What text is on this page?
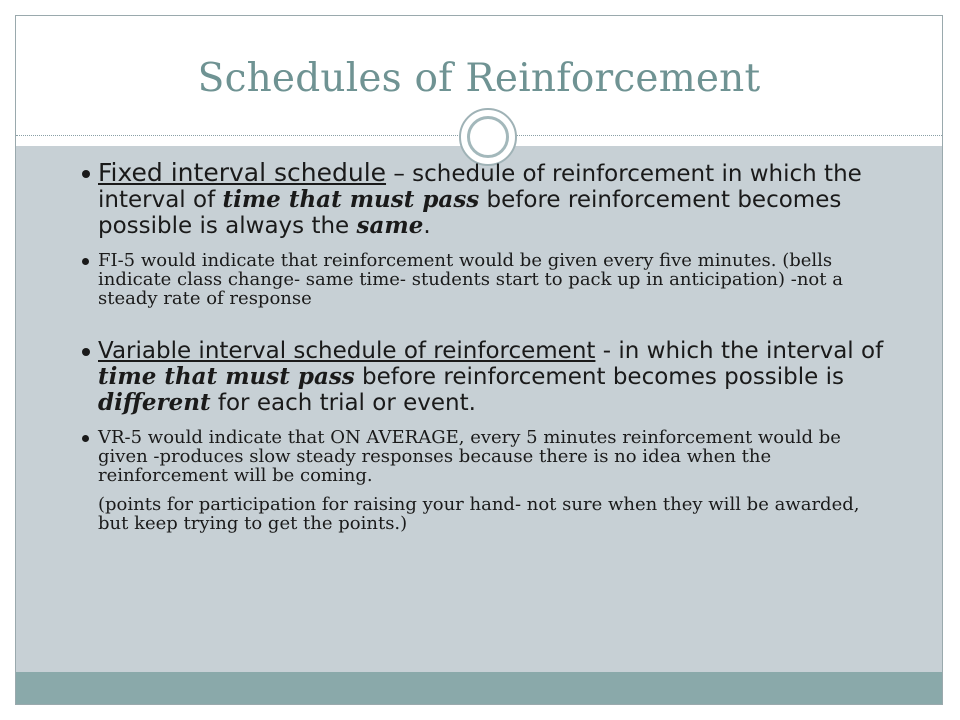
Schedules of Reinforcement
Fixed interval schedule – schedule of reinforcement in which the interval of time that must pass before reinforcement becomes possible is always the same.
FI-5 would indicate that reinforcement would be given every five minutes. (bells indicate class change- same time- students start to pack up in anticipation) -not a steady rate of response
Variable interval schedule of reinforcement - in which the interval of time that must pass before reinforcement becomes possible is different for each trial or event.
VR-5 would indicate that ON AVERAGE, every 5 minutes reinforcement would be given -produces slow steady responses because there is no idea when the reinforcement will be coming.
(points for participation for raising your hand- not sure when they will be awarded, but keep trying to get the points.)
